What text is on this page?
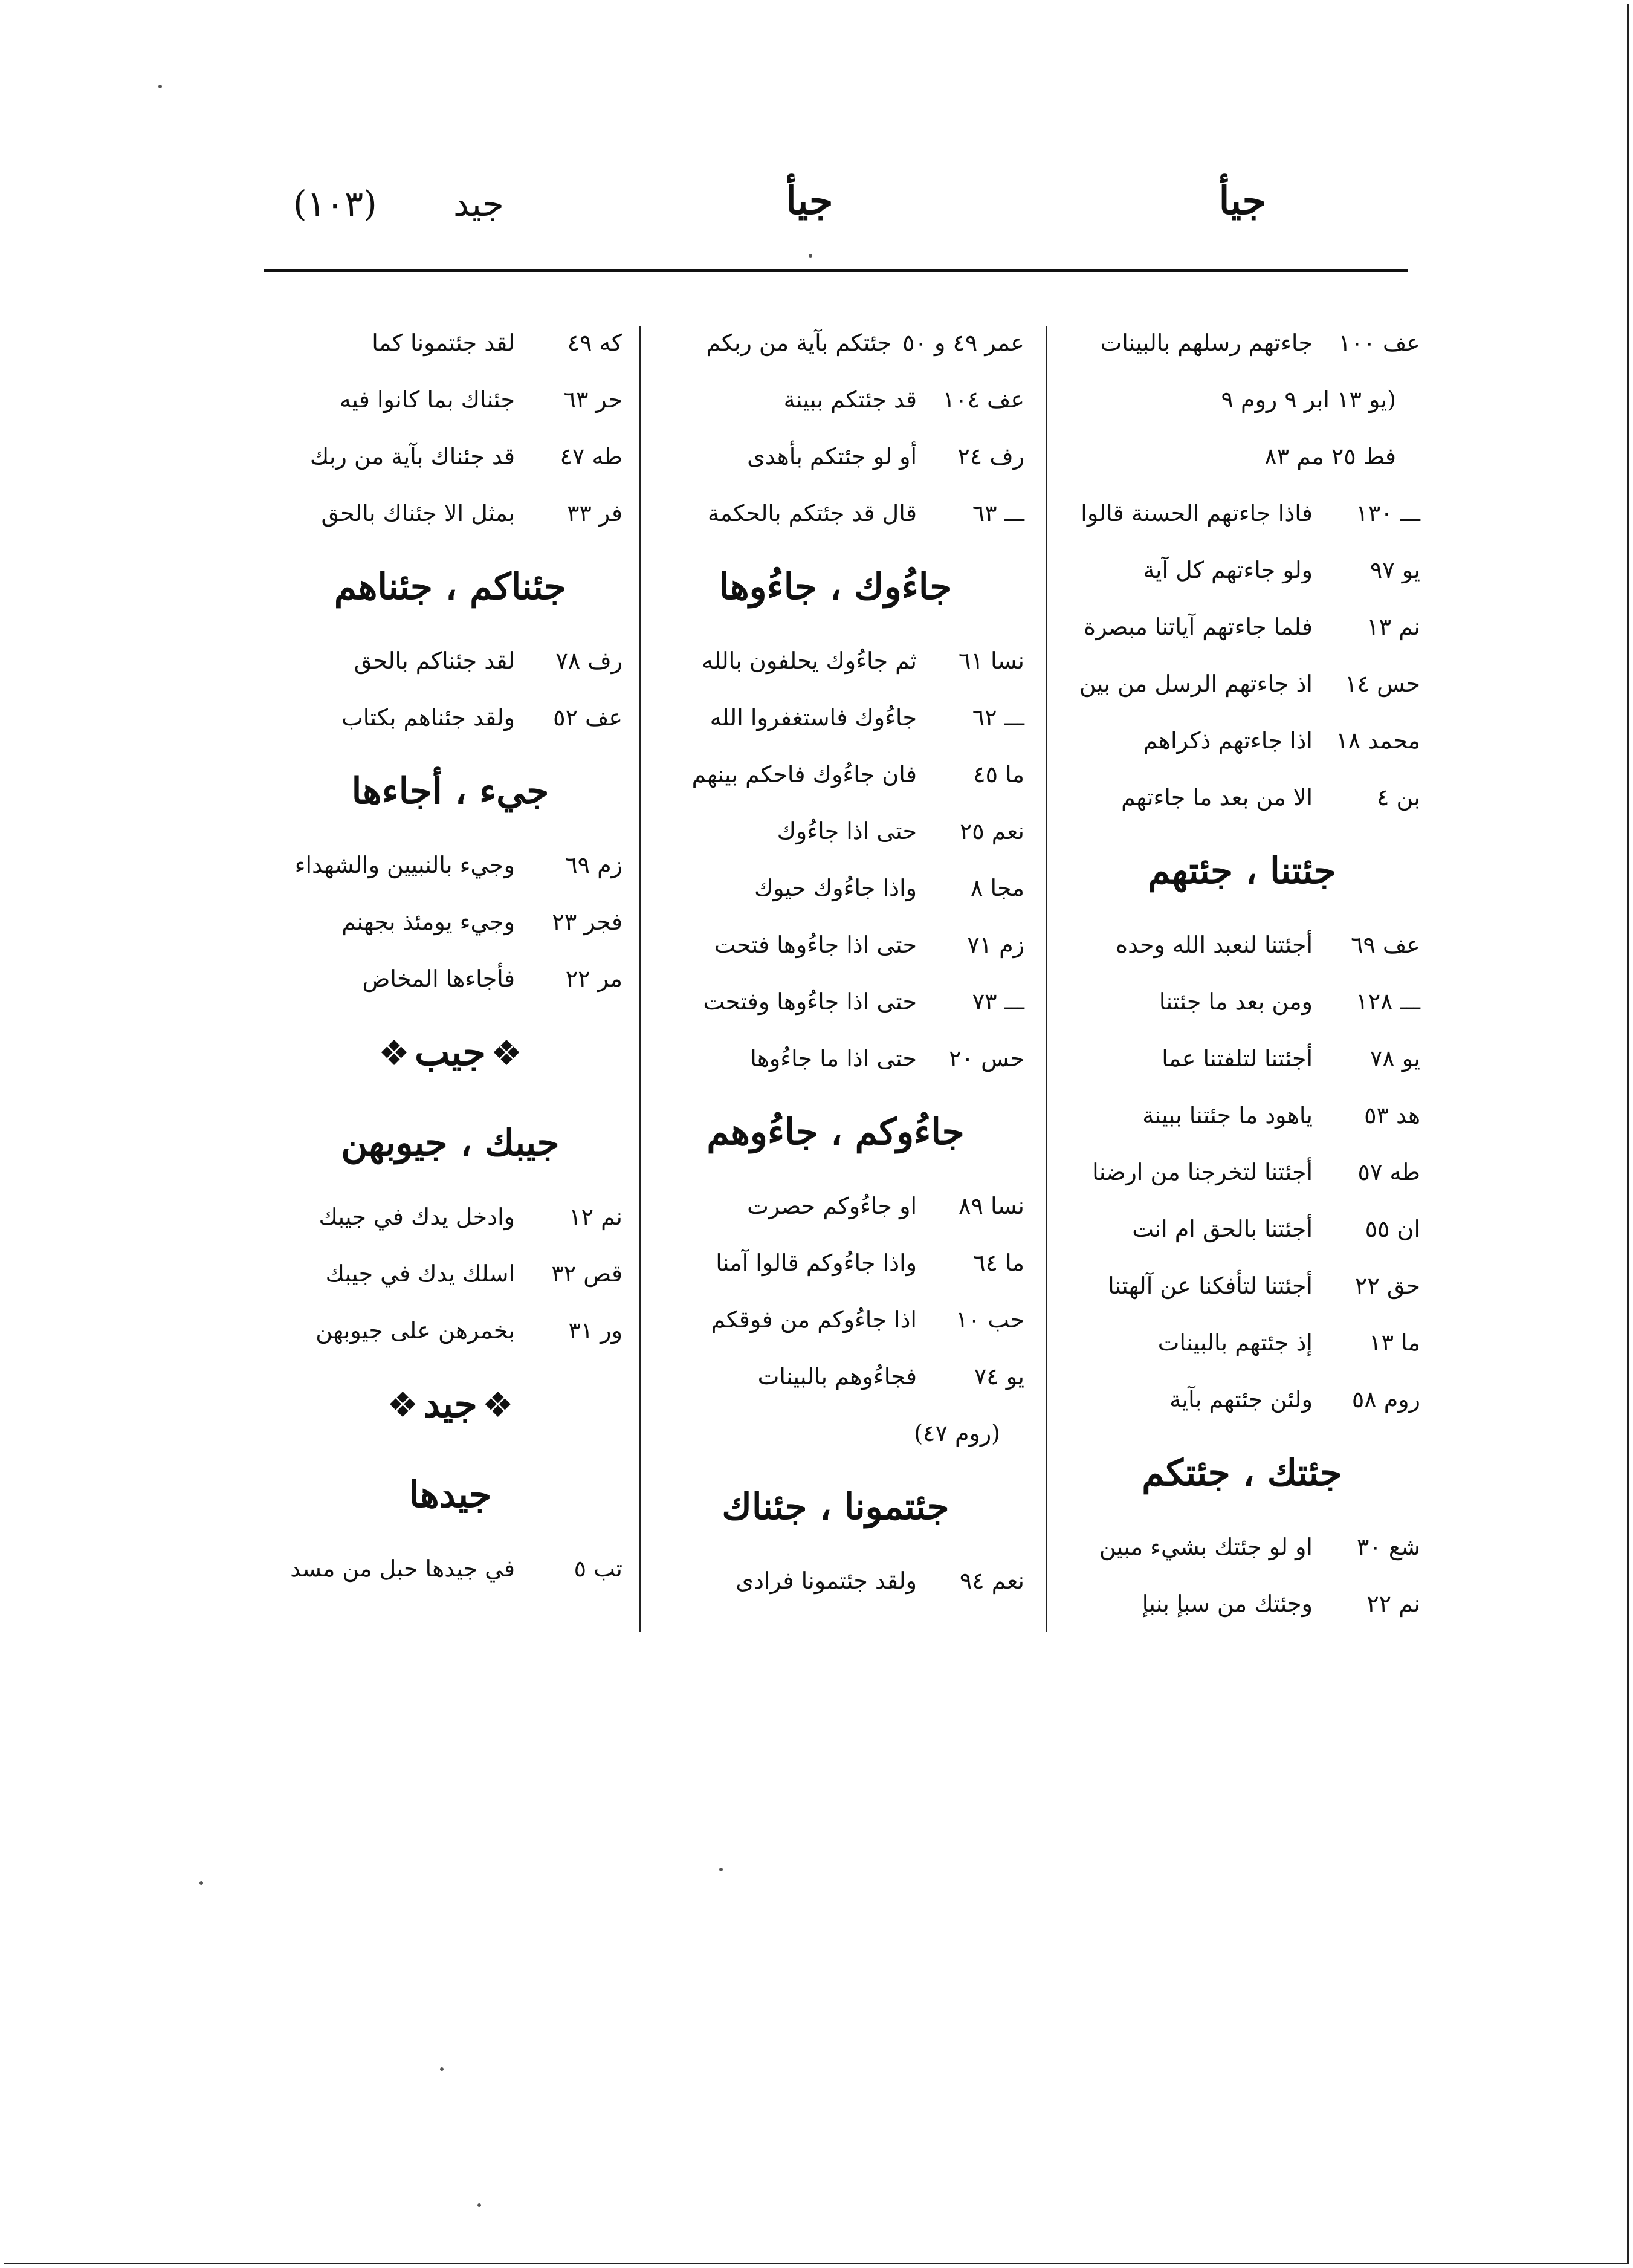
جيأ
جيأ
جيد
(١٠٣)
عف ١٠٠
جاءتهم رسلهم بالبينات
(يو ١٣ ابر ٩ روم ٩
فط ٢٥ مم ٨٣
ـــ ١٣٠
فاذا جاءتهم الحسنة قالوا
يو ٩٧
ولو جاءتهم كل آية
نم ١٣
فلما جاءتهم آياتنا مبصرة
حس ١٤
اذ جاءتهم الرسل من بين
محمد ١٨
اذا جاءتهم ذكراهم
بن ٤
الا من بعد ما جاءتهم
جئتنا ، جئتهم
عف ٦٩
أجئتنا لنعبد الله وحده
ـــ ١٢٨
ومن بعد ما جئتنا
يو ٧٨
أجئتنا لتلفتنا عما
هد ٥٣
ياهود ما جئتنا ببينة
طه ٥٧
أجئتنا لتخرجنا من ارضنا
ان ٥٥
أجئتنا بالحق ام انت
حق ٢٢
أجئتنا لتأفكنا عن آلهتنا
ما ١٣
إذ جئتهم بالبينات
روم ٥٨
ولئن جئتهم بآية
جئتك ، جئتكم
شع ٣٠
او لو جئتك بشيء مبين
نم ٢٢
وجئتك من سبإ بنبإ
عمر ٤٩ و ٥٠
جئتكم بآية من ربكم
عف ١٠٤
قد جئتكم ببينة
رف ٢٤
أو لو جئتكم بأهدى
ـــ ٦٣
قال قد جئتكم بالحكمة
جاءُوك ، جاءُوها
نسا ٦١
ثم جاءُوك يحلفون بالله
ـــ ٦٢
جاءُوك فاستغفروا الله
ما ٤٥
فان جاءُوك فاحكم بينهم
نعم ٢٥
حتى اذا جاءُوك
مجا ٨
واذا جاءُوك حيوك
زم ٧١
حتى اذا جاءُوها فتحت
ـــ ٧٣
حتى اذا جاءُوها وفتحت
حس ٢٠
حتى اذا ما جاءُوها
جاءُوكم ، جاءُوهم
نسا ٨٩
او جاءُوكم حصرت
ما ٦٤
واذا جاءُوكم قالوا آمنا
حب ١٠
اذا جاءُوكم من فوقكم
يو ٧٤
فجاءُوهم بالبينات
(روم ٤٧)
جئتمونا ، جئناك
نعم ٩٤
ولقد جئتمونا فرادى
كه ٤٩
لقد جئتمونا كما
حر ٦٣
جئناك بما كانوا فيه
طه ٤٧
قد جئناك بآية من ربك
فر ٣٣
بمثل الا جئناك بالحق
جئناكم ، جئناهم
رف ٧٨
لقد جئناكم بالحق
عف ٥٢
ولقد جئناهم بكتاب
جيء ، أجاءها
زم ٦٩
وجيء بالنبيين والشهداء
فجر ٢٣
وجيء يومئذ بجهنم
مر ٢٢
فأجاءها المخاض
❖جيب❖
جيبك ، جيوبهن
نم ١٢
وادخل يدك في جيبك
قص ٣٢
اسلك يدك في جيبك
ور ٣١
بخمرهن على جيوبهن
❖جيد❖
جيدها
تب ٥
في جيدها حبل من مسد
